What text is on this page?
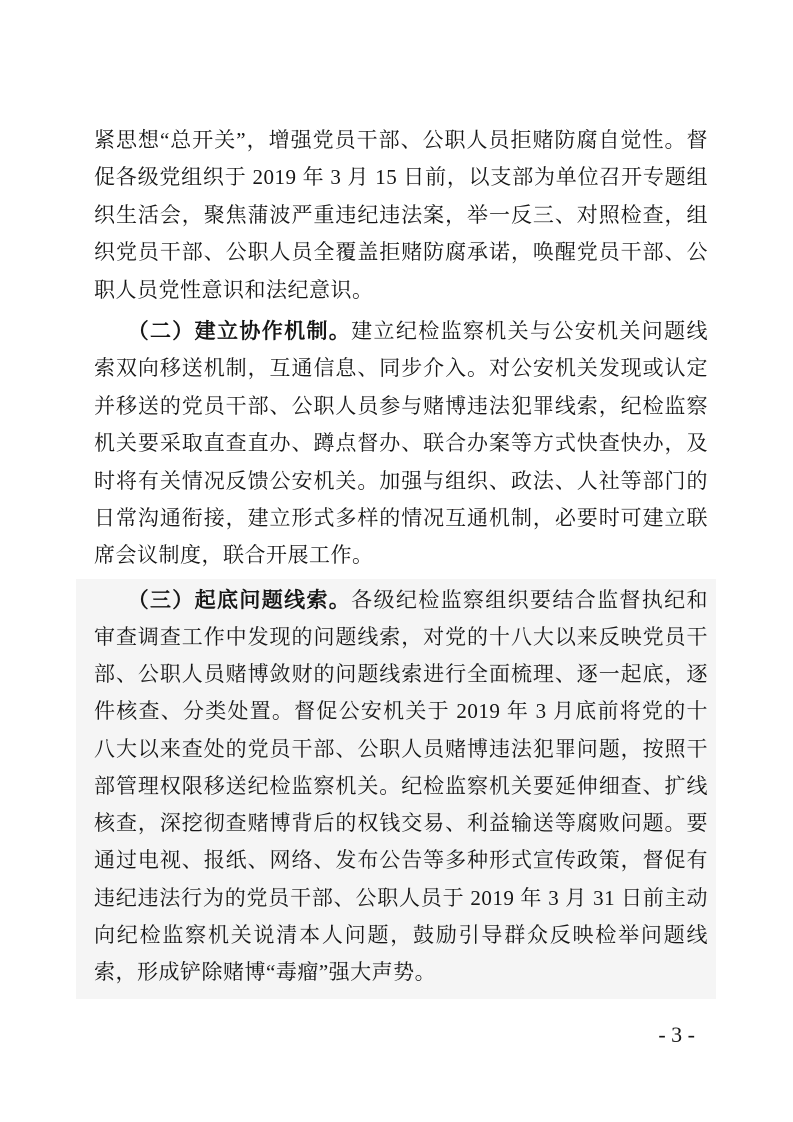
紧思想“总开关”，增强党员干部、公职人员拒赌防腐自觉性。督促各级党组织于 2019 年 3 月 15 日前，以支部为单位召开专题组织生活会，聚焦蒲波严重违纪违法案，举一反三、对照检查，组织党员干部、公职人员全覆盖拒赌防腐承诺，唤醒党员干部、公职人员党性意识和法纪意识。

（二）建立协作机制。建立纪检监察机关与公安机关问题线索双向移送机制，互通信息、同步介入。对公安机关发现或认定并移送的党员干部、公职人员参与赌博违法犯罪线索，纪检监察机关要采取直查直办、蹲点督办、联合办案等方式快查快办，及时将有关情况反馈公安机关。加强与组织、政法、人社等部门的日常沟通衔接，建立形式多样的情况互通机制，必要时可建立联席会议制度，联合开展工作。

（三）起底问题线索。各级纪检监察组织要结合监督执纪和审查调查工作中发现的问题线索，对党的十八大以来反映党员干部、公职人员赌博敛财的问题线索进行全面梳理、逐一起底，逐件核查、分类处置。督促公安机关于 2019 年 3 月底前将党的十八大以来查处的党员干部、公职人员赌博违法犯罪问题，按照干部管理权限移送纪检监察机关。纪检监察机关要延伸细查、扩线核查，深挖彻查赌博背后的权钱交易、利益输送等腐败问题。要通过电视、报纸、网络、发布公告等多种形式宣传政策，督促有违纪违法行为的党员干部、公职人员于 2019 年 3 月 31 日前主动向纪检监察机关说清本人问题，鼓励引导群众反映检举问题线索，形成铲除赌博“毒瘤”强大声势。

- 3 -
